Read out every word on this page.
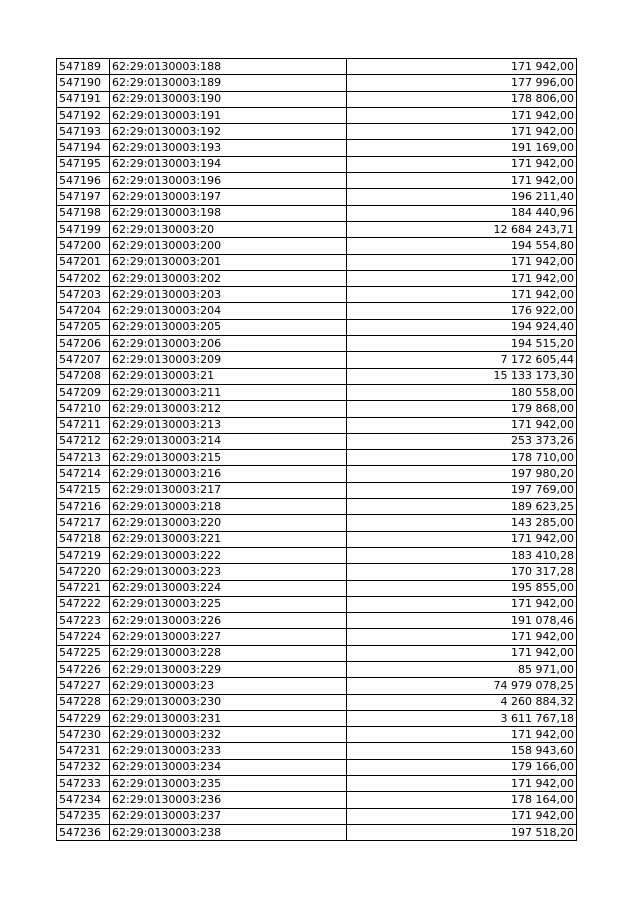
547189	62:29:0130003:188	171 942,00
547190	62:29:0130003:189	177 996,00
547191	62:29:0130003:190	178 806,00
547192	62:29:0130003:191	171 942,00
547193	62:29:0130003:192	171 942,00
547194	62:29:0130003:193	191 169,00
547195	62:29:0130003:194	171 942,00
547196	62:29:0130003:196	171 942,00
547197	62:29:0130003:197	196 211,40
547198	62:29:0130003:198	184 440,96
547199	62:29:0130003:20	12 684 243,71
547200	62:29:0130003:200	194 554,80
547201	62:29:0130003:201	171 942,00
547202	62:29:0130003:202	171 942,00
547203	62:29:0130003:203	171 942,00
547204	62:29:0130003:204	176 922,00
547205	62:29:0130003:205	194 924,40
547206	62:29:0130003:206	194 515,20
547207	62:29:0130003:209	7 172 605,44
547208	62:29:0130003:21	15 133 173,30
547209	62:29:0130003:211	180 558,00
547210	62:29:0130003:212	179 868,00
547211	62:29:0130003:213	171 942,00
547212	62:29:0130003:214	253 373,26
547213	62:29:0130003:215	178 710,00
547214	62:29:0130003:216	197 980,20
547215	62:29:0130003:217	197 769,00
547216	62:29:0130003:218	189 623,25
547217	62:29:0130003:220	143 285,00
547218	62:29:0130003:221	171 942,00
547219	62:29:0130003:222	183 410,28
547220	62:29:0130003:223	170 317,28
547221	62:29:0130003:224	195 855,00
547222	62:29:0130003:225	171 942,00
547223	62:29:0130003:226	191 078,46
547224	62:29:0130003:227	171 942,00
547225	62:29:0130003:228	171 942,00
547226	62:29:0130003:229	85 971,00
547227	62:29:0130003:23	74 979 078,25
547228	62:29:0130003:230	4 260 884,32
547229	62:29:0130003:231	3 611 767,18
547230	62:29:0130003:232	171 942,00
547231	62:29:0130003:233	158 943,60
547232	62:29:0130003:234	179 166,00
547233	62:29:0130003:235	171 942,00
547234	62:29:0130003:236	178 164,00
547235	62:29:0130003:237	171 942,00
547236	62:29:0130003:238	197 518,20
